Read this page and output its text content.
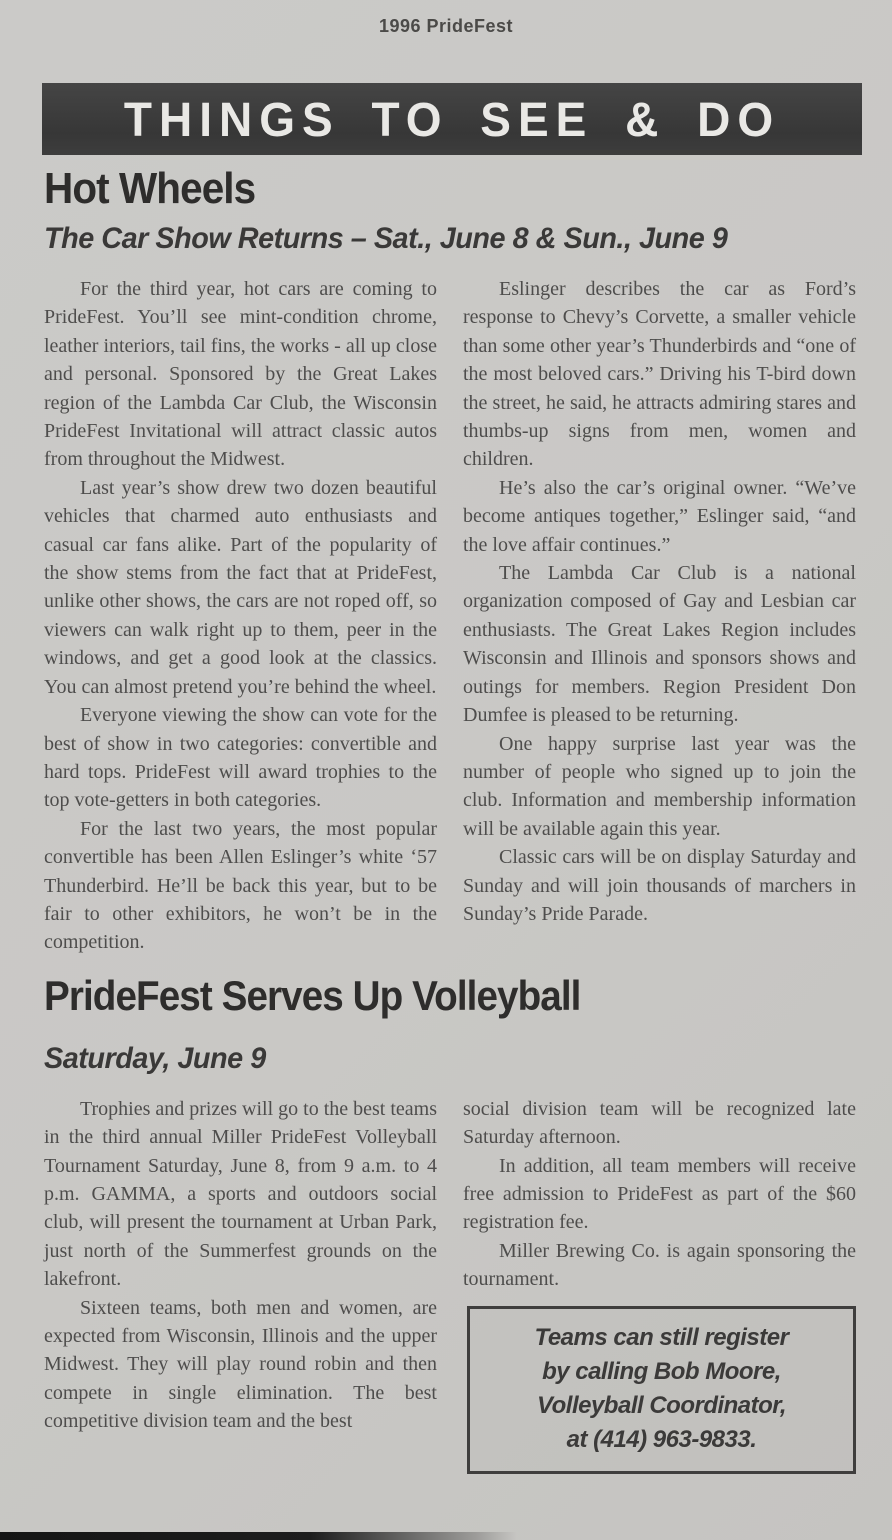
1996 PrideFest
THINGS TO SEE & DO
Hot Wheels
The Car Show Returns – Sat., June 8 & Sun., June 9

For the third year, hot cars are coming to PrideFest. You’ll see mint-condition chrome, leather interiors, tail fins, the works - all up close and personal. Sponsored by the Great Lakes region of the Lambda Car Club, the Wisconsin PrideFest Invitational will attract classic autos from throughout the Midwest.

Last year’s show drew two dozen beautiful vehicles that charmed auto enthusiasts and casual car fans alike. Part of the popularity of the show stems from the fact that at PrideFest, unlike other shows, the cars are not roped off, so viewers can walk right up to them, peer in the windows, and get a good look at the classics. You can almost pretend you’re behind the wheel.

Everyone viewing the show can vote for the best of show in two categories: convertible and hard tops. PrideFest will award trophies to the top vote-getters in both categories.

For the last two years, the most popular convertible has been Allen Eslinger’s white ‘57 Thunderbird. He’ll be back this year, but to be fair to other exhibitors, he won’t be in the competition.

Eslinger describes the car as Ford’s response to Chevy’s Corvette, a smaller vehicle than some other year’s Thunderbirds and “one of the most beloved cars.” Driving his T-bird down the street, he said, he attracts admiring stares and thumbs-up signs from men, women and children.

He’s also the car’s original owner. “We’ve become antiques together,” Eslinger said, “and the love affair continues.”

The Lambda Car Club is a national organization composed of Gay and Lesbian car enthusiasts. The Great Lakes Region includes Wisconsin and Illinois and sponsors shows and outings for members. Region President Don Dumfee is pleased to be returning.

One happy surprise last year was the number of people who signed up to join the club. Information and membership information will be available again this year.

Classic cars will be on display Saturday and Sunday and will join thousands of marchers in Sunday’s Pride Parade.

PrideFest Serves Up Volleyball
Saturday, June 9

Trophies and prizes will go to the best teams in the third annual Miller PrideFest Volleyball Tournament Saturday, June 8, from 9 a.m. to 4 p.m. GAMMA, a sports and outdoors social club, will present the tournament at Urban Park, just north of the Summerfest grounds on the lakefront.

Sixteen teams, both men and women, are expected from Wisconsin, Illinois and the upper Midwest. They will play round robin and then compete in single elimination. The best competitive division team and the best

social division team will be recognized late Saturday afternoon.

In addition, all team members will receive free admission to PrideFest as part of the $60 registration fee.

Miller Brewing Co. is again sponsoring the tournament.

Teams can still register
by calling Bob Moore,
Volleyball Coordinator,
at (414) 963-9833.
